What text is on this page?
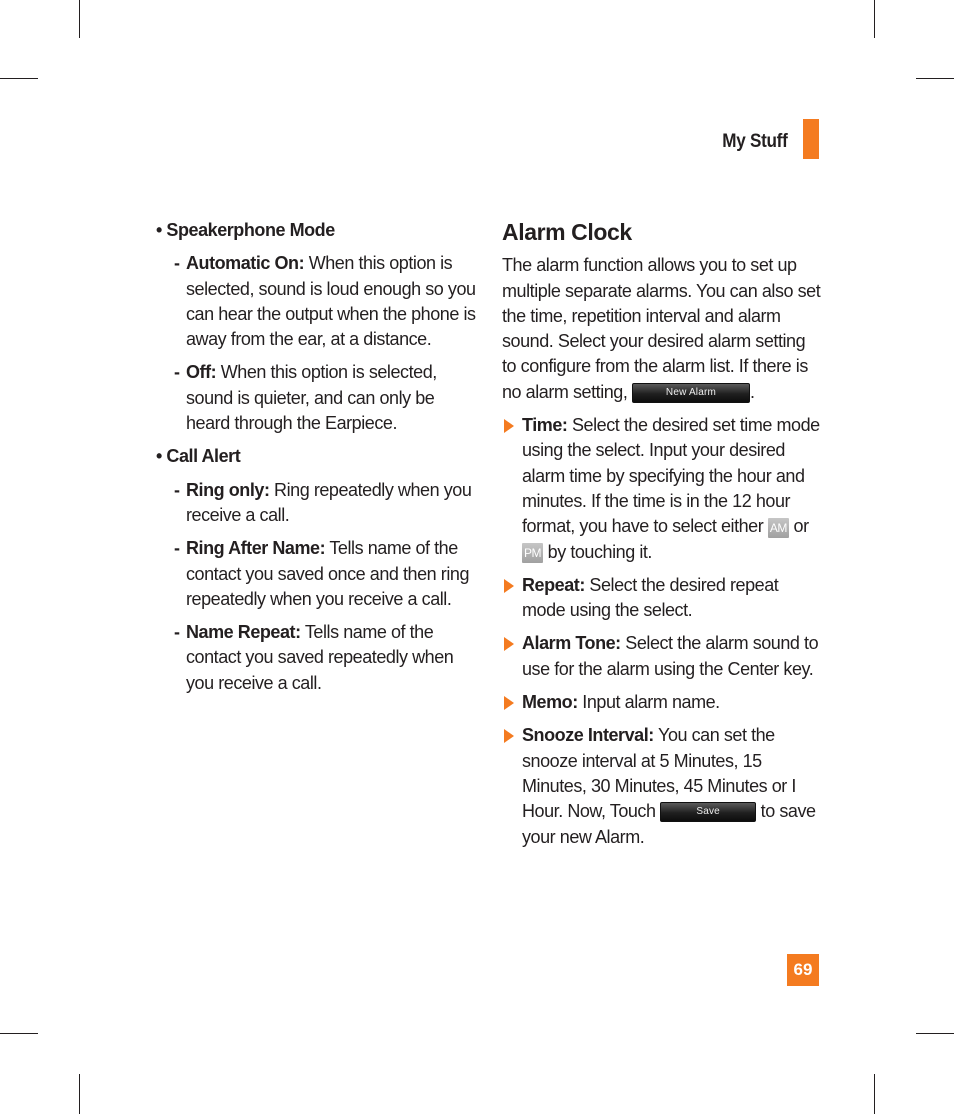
My Stuff
• Speakerphone Mode
- Automatic On: When this option is selected, sound is loud enough so you can hear the output when the phone is away from the ear, at a distance.
- Off: When this option is selected, sound is quieter, and can only be heard through the Earpiece.
• Call Alert
- Ring only: Ring repeatedly when you receive a call.
- Ring After Name: Tells name of the contact you saved once and then ring repeatedly when you receive a call.
- Name Repeat: Tells name of the contact you saved repeatedly when you receive a call.
Alarm Clock
The alarm function allows you to set up multiple separate alarms. You can also set the time, repetition interval and alarm sound. Select your desired alarm setting to configure from the alarm list. If there is no alarm setting,	New Alarm .
Time: Select the desired set time mode using the select. Input your desired alarm time by specifying the hour and minutes. If the time is in the 12 hour format, you have to select either AM or PM by touching it.
Repeat: Select the desired repeat mode using the select.
Alarm Tone: Select the alarm sound to use for the alarm using the Center key.
Memo: Input alarm name.
Snooze Interval: You can set the snooze interval at 5 Minutes, 15 Minutes, 30 Minutes, 45 Minutes or I Hour. Now, Touch	Save to save your new Alarm.
69
